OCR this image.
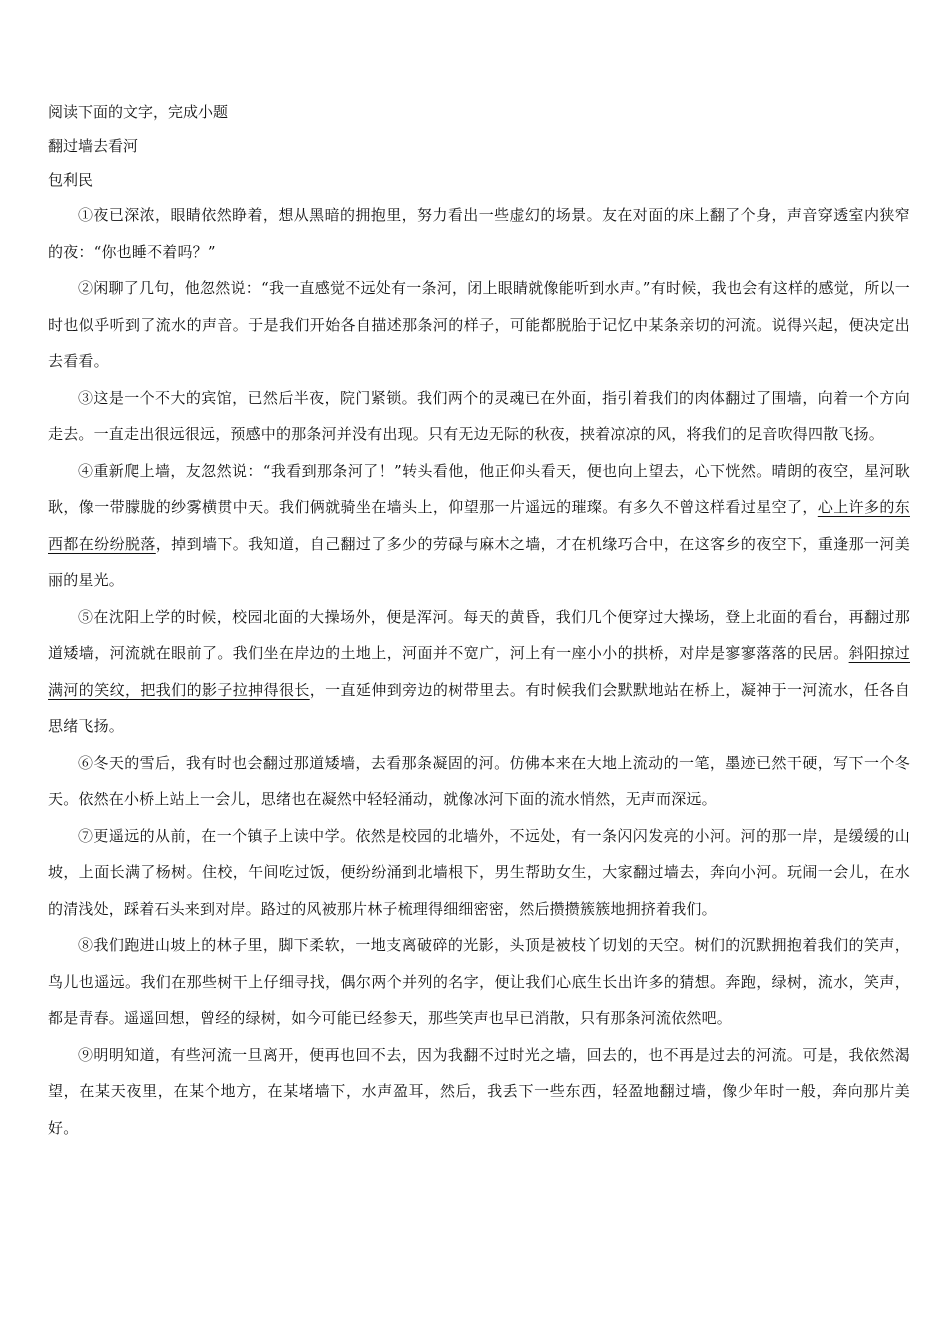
阅读下面的文字，完成小题
翻过墙去看河
包利民

①夜已深浓，眼睛依然睁着，想从黑暗的拥抱里，努力看出一些虚幻的场景。友在对面的床上翻了个身，声音穿透室内狭窄的夜：“你也睡不着吗？”

②闲聊了几句，他忽然说：“我一直感觉不远处有一条河，闭上眼睛就像能听到水声。”有时候，我也会有这样的感觉，所以一时也似乎听到了流水的声音。于是我们开始各自描述那条河的样子，可能都脱胎于记忆中某条亲切的河流。说得兴起，便决定出去看看。

③这是一个不大的宾馆，已然后半夜，院门紧锁。我们两个的灵魂已在外面，指引着我们的肉体翻过了围墙，向着一个方向走去。一直走出很远很远，预感中的那条河并没有出现。只有无边无际的秋夜，挟着凉凉的风，将我们的足音吹得四散飞扬。

④重新爬上墙，友忽然说：“我看到那条河了！”转头看他，他正仰头看天，便也向上望去，心下恍然。晴朗的夜空，星河耿耿，像一带朦胧的纱雾横贯中天。我们俩就骑坐在墙头上，仰望那一片遥远的璀璨。有多久不曾这样看过星空了，心上许多的东西都在纷纷脱落，掉到墙下。我知道，自己翻过了多少的劳碌与麻木之墙，才在机缘巧合中，在这客乡的夜空下，重逢那一河美丽的星光。

⑤在沈阳上学的时候，校园北面的大操场外，便是浑河。每天的黄昏，我们几个便穿过大操场，登上北面的看台，再翻过那道矮墙，河流就在眼前了。我们坐在岸边的土地上，河面并不宽广，河上有一座小小的拱桥，对岸是寥寥落落的民居。斜阳掠过满河的笑纹，把我们的影子拉抻得很长，一直延伸到旁边的树带里去。有时候我们会默默地站在桥上，凝神于一河流水，任各自思绪飞扬。

⑥冬天的雪后，我有时也会翻过那道矮墙，去看那条凝固的河。仿佛本来在大地上流动的一笔，墨迹已然干硬，写下一个冬天。依然在小桥上站上一会儿，思绪也在凝然中轻轻涌动，就像冰河下面的流水悄然，无声而深远。

⑦更遥远的从前，在一个镇子上读中学。依然是校园的北墙外，不远处，有一条闪闪发亮的小河。河的那一岸，是缓缓的山坡，上面长满了杨树。住校，午间吃过饭，便纷纷涌到北墙根下，男生帮助女生，大家翻过墙去，奔向小河。玩闹一会儿，在水的清浅处，踩着石头来到对岸。路过的风被那片林子梳理得细细密密，然后攒攒簇簇地拥挤着我们。

⑧我们跑进山坡上的林子里，脚下柔软，一地支离破碎的光影，头顶是被枝丫切划的天空。树们的沉默拥抱着我们的笑声，鸟儿也遥远。我们在那些树干上仔细寻找，偶尔两个并列的名字，便让我们心底生长出许多的猜想。奔跑，绿树，流水，笑声，都是青春。遥遥回想，曾经的绿树，如今可能已经参天，那些笑声也早已消散，只有那条河流依然吧。

⑨明明知道，有些河流一旦离开，便再也回不去，因为我翻不过时光之墙，回去的，也不再是过去的河流。可是，我依然渴望，在某天夜里，在某个地方，在某堵墙下，水声盈耳，然后，我丢下一些东西，轻盈地翻过墙，像少年时一般，奔向那片美好。
